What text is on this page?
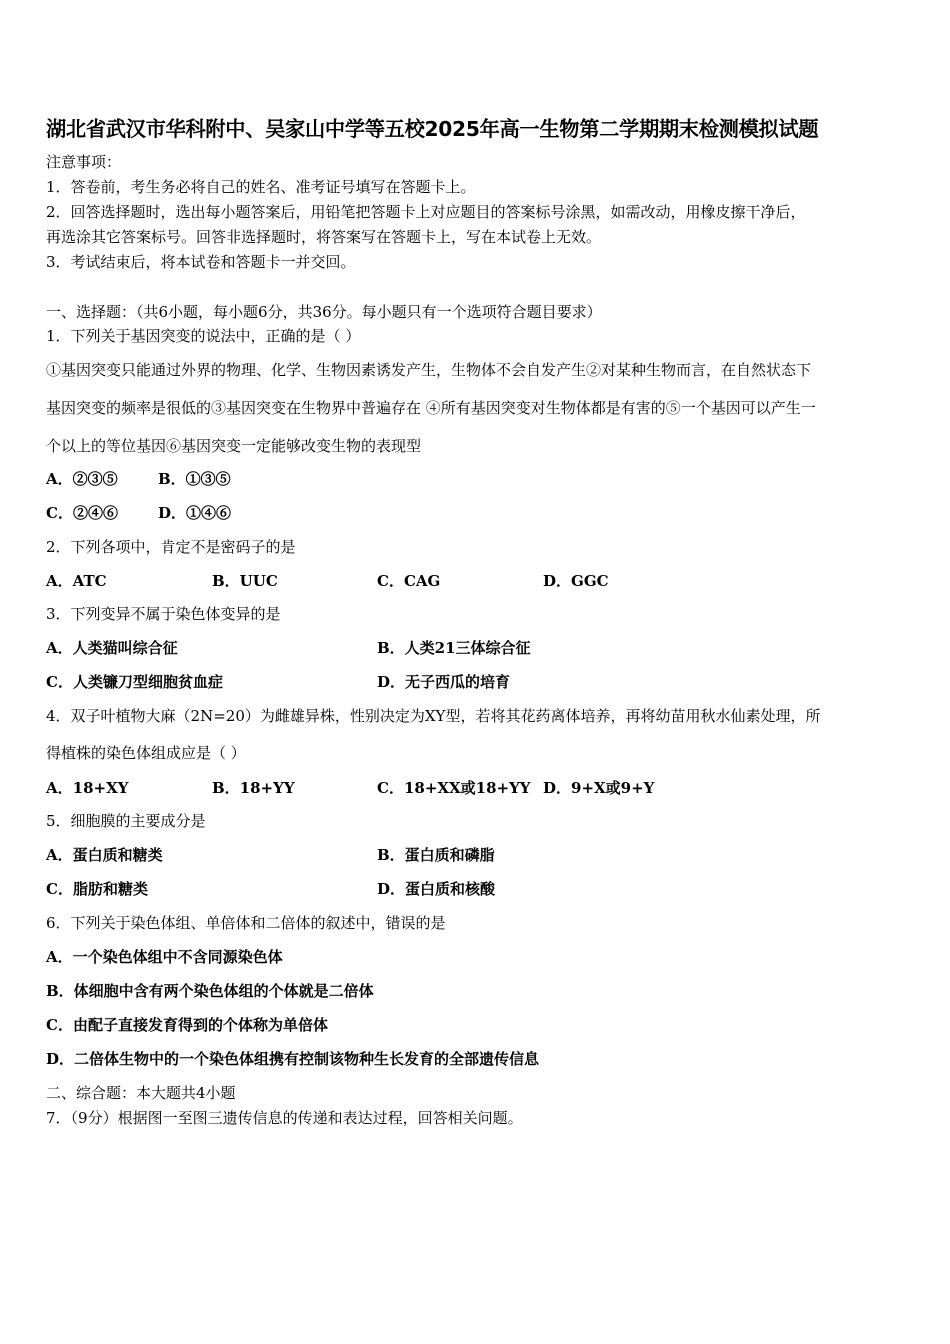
湖北省武汉市华科附中、吴家山中学等五校2025年高一生物第二学期期末检测模拟试题
注意事项：
1．答卷前，考生务必将自己的姓名、准考证号填写在答题卡上。
2．回答选择题时，选出每小题答案后，用铅笔把答题卡上对应题目的答案标号涂黑，如需改动，用橡皮擦干净后，
再选涂其它答案标号。回答非选择题时，将答案写在答题卡上，写在本试卷上无效。
3．考试结束后，将本试卷和答题卡一并交回。
一、选择题：（共6小题，每小题6分，共36分。每小题只有一个选项符合题目要求）
1．下列关于基因突变的说法中，正确的是（ ）
①基因突变只能通过外界的物理、化学、生物因素诱发产生，生物体不会自发产生②对某种生物而言，在自然状态下
基因突变的频率是很低的③基因突变在生物界中普遍存在 ④所有基因突变对生物体都是有害的⑤一个基因可以产生一
个以上的等位基因⑥基因突变一定能够改变生物的表现型
A．②③⑤	B．①③⑤
C．②④⑥	D．①④⑥
2．下列各项中，肯定不是密码子的是
A．ATC	B．UUC	C．CAG	D．GGC
3．下列变异不属于染色体变异的是
A．人类猫叫综合征	B．人类21三体综合征
C．人类镰刀型细胞贫血症	D．无子西瓜的培育
4．双子叶植物大麻（2N=20）为雌雄异株，性别决定为XY型，若将其花药离体培养，再将幼苗用秋水仙素处理，所
得植株的染色体组成应是（ ）
A．18+XY	B．18+YY	C．18+XX或18+YY D．9+X或9+Y
5．细胞膜的主要成分是
A．蛋白质和糖类	B．蛋白质和磷脂
C．脂肪和糖类	D．蛋白质和核酸
6．下列关于染色体组、单倍体和二倍体的叙述中，错误的是
A．一个染色体组中不含同源染色体
B．体细胞中含有两个染色体组的个体就是二倍体
C．由配子直接发育得到的个体称为单倍体
D．二倍体生物中的一个染色体组携有控制该物种生长发育的全部遗传信息
二、综合题：本大题共4小题
7．（9分）根据图一至图三遗传信息的传递和表达过程，回答相关问题。
